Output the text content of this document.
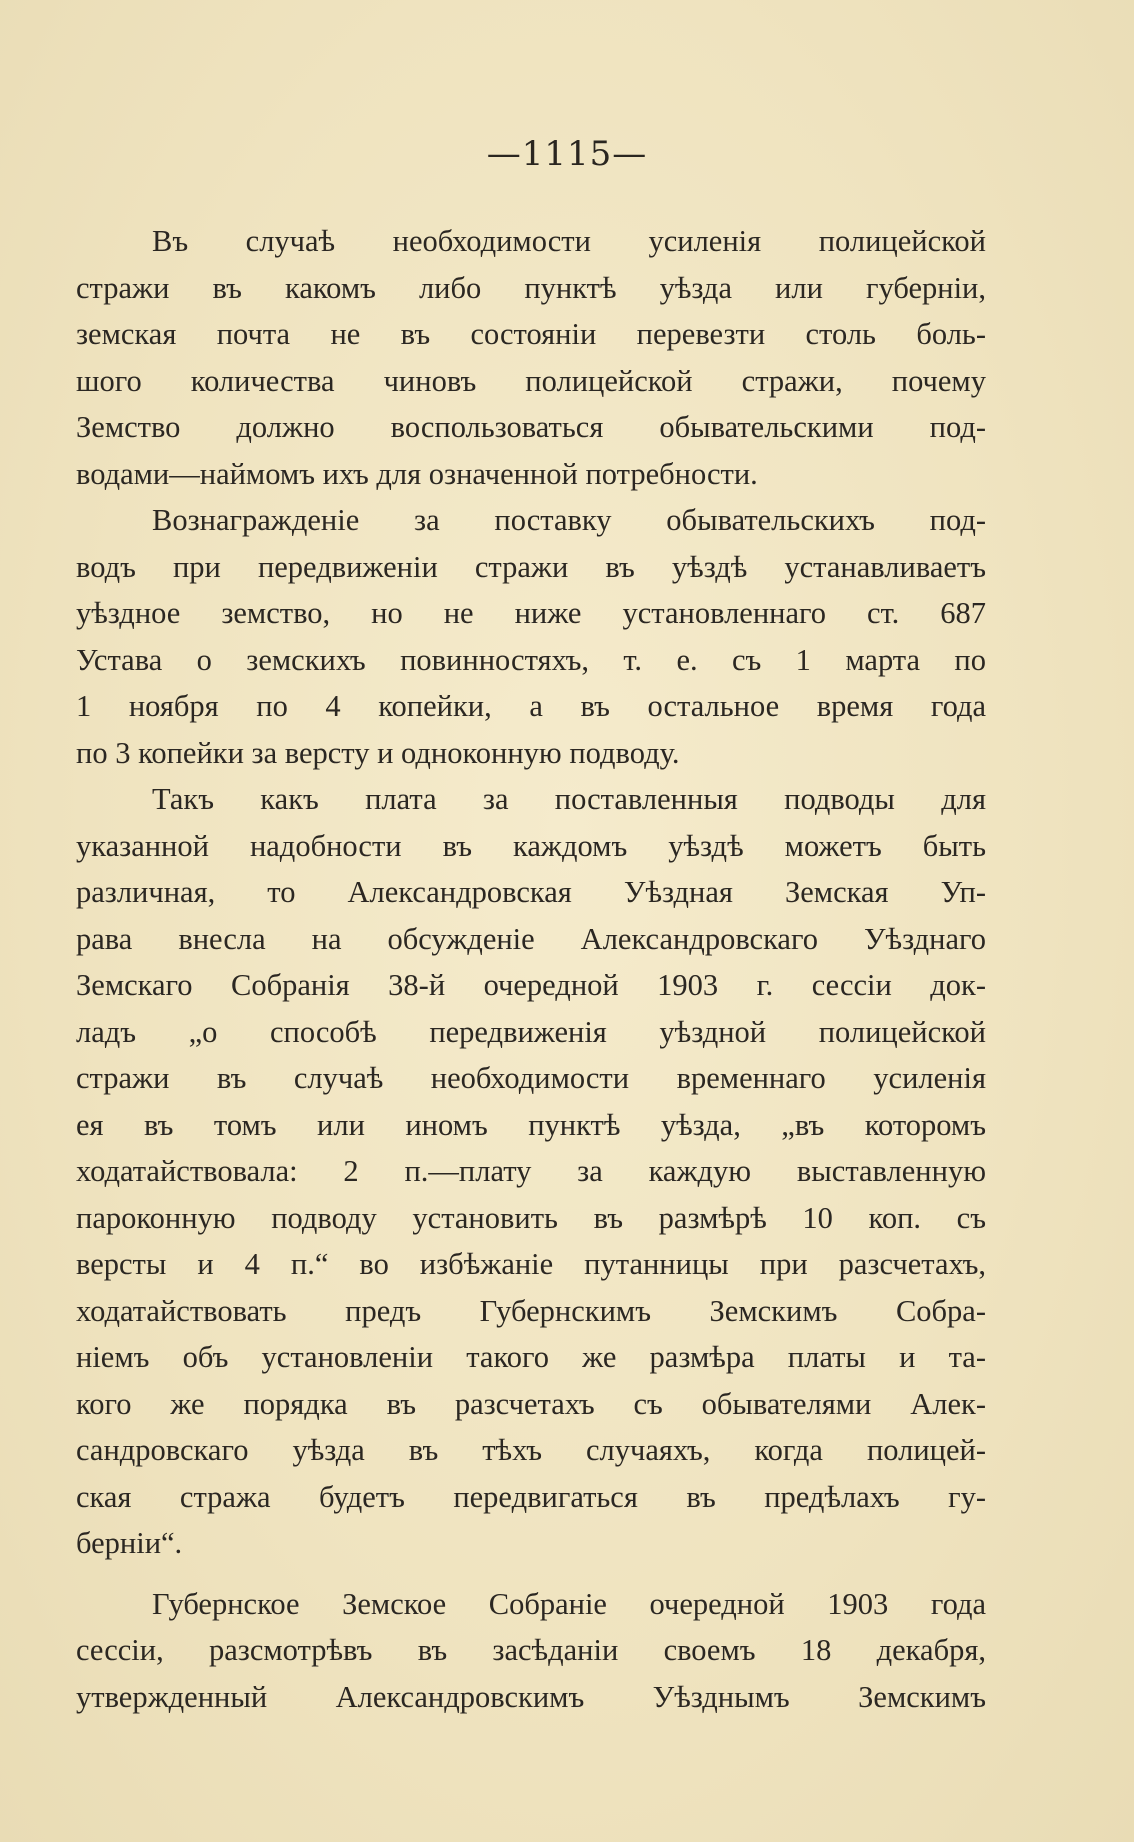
—1115—
Въ случаѣ необходимости усиленія полицейской
стражи въ какомъ либо пунктѣ уѣзда или губерніи,
земская почта не въ состояніи перевезти столь боль-
шого количества чиновъ полицейской стражи, почему
Земство должно воспользоваться обывательскими под-
водами—наймомъ ихъ для означенной потребности.
Вознагражденіе за поставку обывательскихъ под-
водъ при передвиженіи стражи въ уѣздѣ устанавливаетъ
уѣздное земство, но не ниже установленнаго ст. 687
Устава о земскихъ повинностяхъ, т. е. съ 1 марта по
1 ноября по 4 копейки, а въ остальное время года
по 3 копейки за версту и одноконную подводу.
Такъ какъ плата за поставленныя подводы для
указанной надобности въ каждомъ уѣздѣ можетъ быть
различная, то Александровская Уѣздная Земская Уп-
рава внесла на обсужденіе Александровскаго Уѣзднаго
Земскаго Собранія 38-й очередной 1903 г. сессіи док-
ладъ „о способѣ передвиженія уѣздной полицейской
стражи въ случаѣ необходимости временнаго усиленія
ея въ томъ или иномъ пунктѣ уѣзда, „въ которомъ
ходатайствовала: 2 п.—плату за каждую выставленную
пароконную подводу установить въ размѣрѣ 10 коп. съ
версты и 4 п.“ во избѣжаніе путанницы при разсчетахъ,
ходатайствовать предъ Губернскимъ Земскимъ Собра-
ніемъ объ установленіи такого же размѣра платы и та-
кого же порядка въ разсчетахъ съ обывателями Алек-
сандровскаго уѣзда въ тѣхъ случаяхъ, когда полицей-
ская стража будетъ передвигаться въ предѣлахъ гу-
берніи“.
Губернское Земское Собраніе очередной 1903 года
сессіи, разсмотрѣвъ въ засѣданіи своемъ 18 декабря,
утвержденный Александровскимъ Уѣзднымъ Земскимъ
